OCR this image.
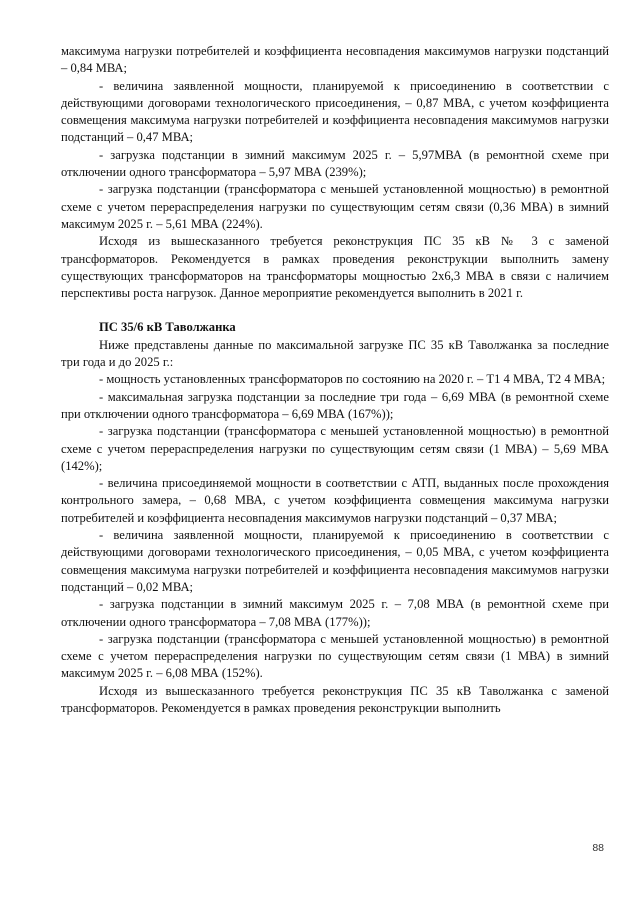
максимума нагрузки потребителей и коэффициента несовпадения максимумов нагрузки подстанций – 0,84 МВА;

- величина заявленной мощности, планируемой к присоединению в соответствии с действующими договорами технологического присоединения, – 0,87 МВА, с учетом коэффициента совмещения максимума нагрузки потребителей и коэффициента несовпадения максимумов нагрузки подстанций – 0,47 МВА;

- загрузка подстанции в зимний максимум 2025 г. – 5,97МВА (в ремонтной схеме при отключении одного трансформатора – 5,97 МВА (239%);

- загрузка подстанции (трансформатора с меньшей установленной мощностью) в ремонтной схеме с учетом перераспределения нагрузки по существующим сетям связи (0,36 МВА) в зимний максимум 2025 г. – 5,61 МВА (224%).

Исходя из вышесказанного требуется реконструкция ПС 35 кВ № 3 с заменой трансформаторов. Рекомендуется в рамках проведения реконструкции выполнить замену существующих трансформаторов на трансформаторы мощностью 2х6,3 МВА в связи с наличием перспективы роста нагрузок. Данное мероприятие рекомендуется выполнить в 2021 г.

ПС 35/6 кВ Таволжанка

Ниже представлены данные по максимальной загрузке ПС 35 кВ Таволжанка за последние три года и до 2025 г.:

- мощность установленных трансформаторов по состоянию на 2020 г. – Т1 4 МВА, Т2 4 МВА;

- максимальная загрузка подстанции за последние три года – 6,69 МВА (в ремонтной схеме при отключении одного трансформатора – 6,69 МВА (167%));

- загрузка подстанции (трансформатора с меньшей установленной мощностью) в ремонтной схеме с учетом перераспределения нагрузки по существующим сетям связи (1 МВА) – 5,69 МВА (142%);

- величина присоединяемой мощности в соответствии с АТП, выданных после прохождения контрольного замера, – 0,68 МВА, с учетом коэффициента совмещения максимума нагрузки потребителей и коэффициента несовпадения максимумов нагрузки подстанций – 0,37 МВА;

- величина заявленной мощности, планируемой к присоединению в соответствии с действующими договорами технологического присоединения, – 0,05 МВА, с учетом коэффициента совмещения максимума нагрузки потребителей и коэффициента несовпадения максимумов нагрузки подстанций – 0,02 МВА;

- загрузка подстанции в зимний максимум 2025 г. – 7,08 МВА (в ремонтной схеме при отключении одного трансформатора – 7,08 МВА (177%));

- загрузка подстанции (трансформатора с меньшей установленной мощностью) в ремонтной схеме с учетом перераспределения нагрузки по существующим сетям связи (1 МВА) в зимний максимум 2025 г. – 6,08 МВА (152%).

Исходя из вышесказанного требуется реконструкция ПС 35 кВ Таволжанка с заменой трансформаторов. Рекомендуется в рамках проведения реконструкции выполнить

88
